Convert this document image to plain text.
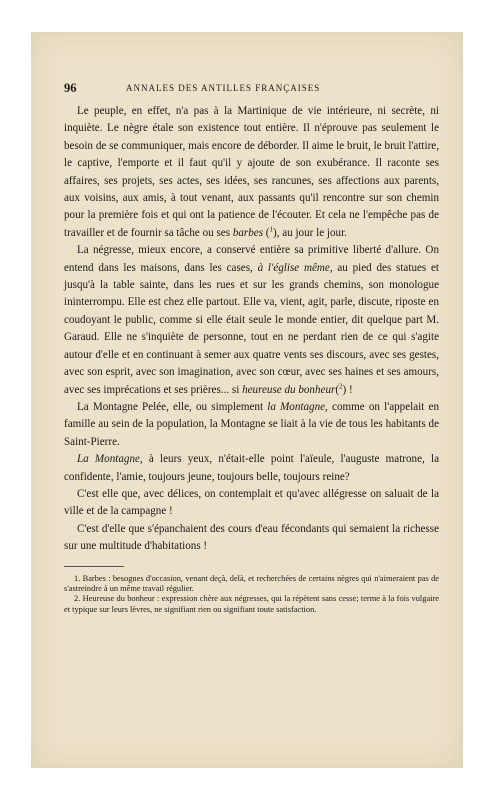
96	ANNALES DES ANTILLES FRANÇAISES

Le peuple, en effet, n'a pas à la Martinique de vie intérieure, ni secrète, ni inquiète. Le nègre étale son existence tout entière. Il n'éprouve pas seulement le besoin de se communiquer, mais encore de déborder. Il aime le bruit, le bruit l'attire, le captive, l'emporte et il faut qu'il y ajoute de son exubérance. Il raconte ses affaires, ses projets, ses actes, ses idées, ses rancunes, ses affections aux parents, aux voisins, aux amis, à tout venant, aux passants qu'il rencontre sur son chemin pour la première fois et qui ont la patience de l'écouter. Et cela ne l'empêche pas de travailler et de fournir sa tâche ou ses barbes ($^1$), au jour le jour.

La négresse, mieux encore, a conservé entière sa primitive liberté d'allure. On entend dans les maisons, dans les cases, à l'église même, au pied des statues et jusqu'à la table sainte, dans les rues et sur les grands chemins, son monologue ininterrompu. Elle est chez elle partout. Elle va, vient, agit, parle, discute, riposte en coudoyant le public, comme si elle était seule le monde entier, dit quelque part M. Garaud. Elle ne s'inquiète de personne, tout en ne perdant rien de ce qui s'agite autour d'elle et en continuant à semer aux quatre vents ses discours, avec ses gestes, avec son esprit, avec son imagination, avec son cœur, avec ses haines et ses amours, avec ses imprécations et ses prières... si heureuse du bonheur($^2$) !

La Montagne Pelée, elle, ou simplement la Montagne, comme on l'appelait en famille au sein de la population, la Montagne se liait à la vie de tous les habitants de Saint-Pierre.

La Montagne, à leurs yeux, n'était-elle point l'aïeule, l'auguste matrone, la confidente, l'amie, toujours jeune, toujours belle, toujours reine?

C'est elle que, avec délices, on contemplait et qu'avec allégresse on saluait de la ville et de la campagne !

C'est d'elle que s'épanchaient des cours d'eau fécondants qui semaient la richesse sur une multitude d'habitations !

1. Barbes : besognes d'occasion, venant deçà, delà, et recherchées de certains nègres qui n'aimeraient pas de s'astreindre à un même travail régulier.

2. Heureuse du bonheur : expression chère aux négresses, qui la répètent sans cesse; terme à la fois vulgaire et typique sur leurs lèvres, ne signifiant rien ou signifiant toute satisfaction.
